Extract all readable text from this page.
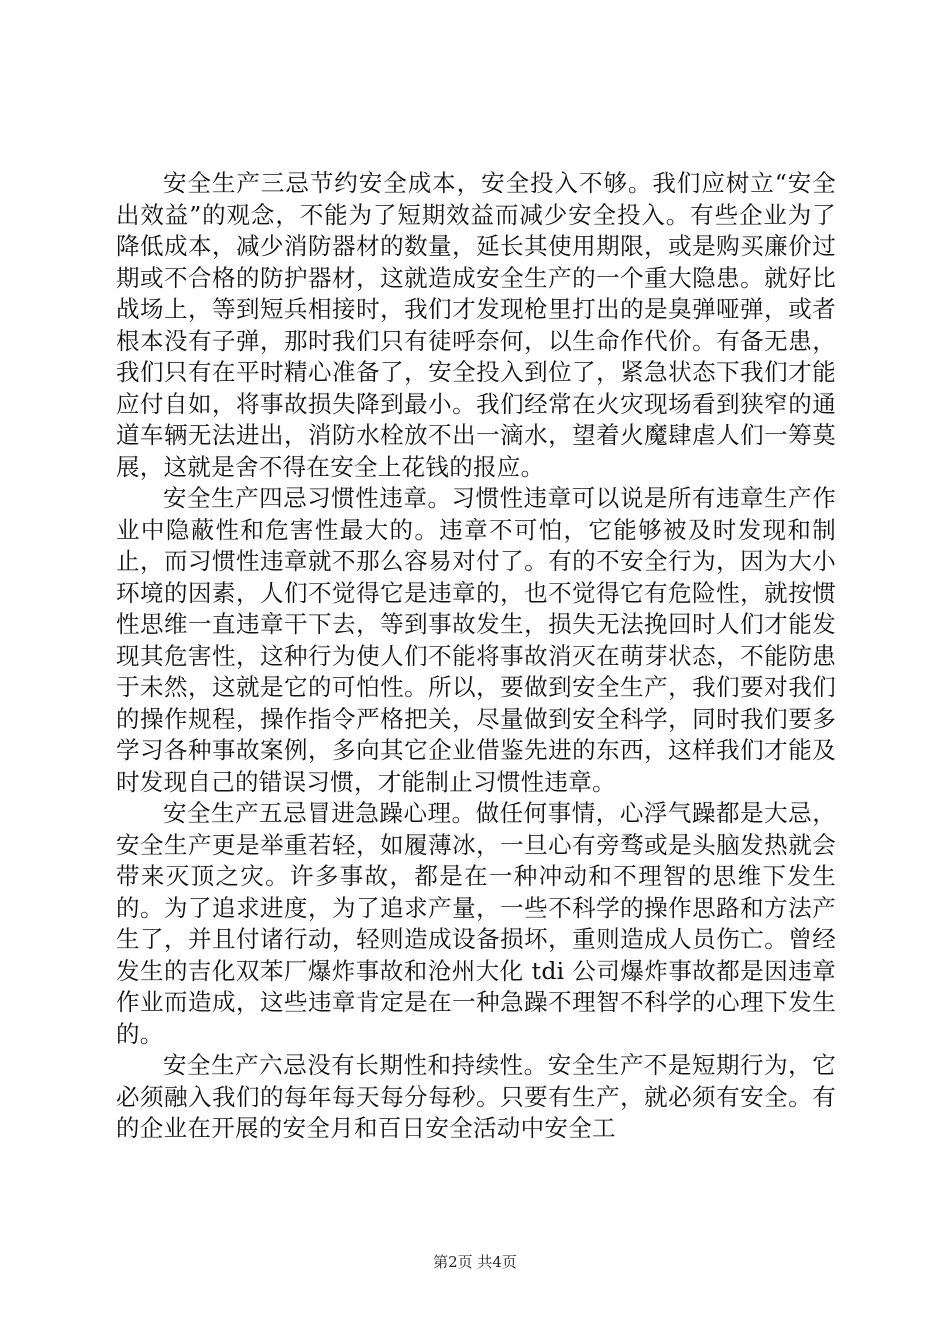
安全生产三忌节约安全成本，安全投入不够。我们应树立“安全出效益”的观念，不能为了短期效益而减少安全投入。有些企业为了降低成本，减少消防器材的数量，延长其使用期限，或是购买廉价过期或不合格的防护器材，这就造成安全生产的一个重大隐患。就好比战场上，等到短兵相接时，我们才发现枪里打出的是臭弹哑弹，或者根本没有子弹，那时我们只有徒呼奈何，以生命作代价。有备无患，我们只有在平时精心准备了，安全投入到位了，紧急状态下我们才能应付自如，将事故损失降到最小。我们经常在火灾现场看到狭窄的通道车辆无法进出，消防水栓放不出一滴水，望着火魔肆虐人们一筹莫展，这就是舍不得在安全上花钱的报应。

安全生产四忌习惯性违章。习惯性违章可以说是所有违章生产作业中隐蔽性和危害性最大的。违章不可怕，它能够被及时发现和制止，而习惯性违章就不那么容易对付了。有的不安全行为，因为大小环境的因素，人们不觉得它是违章的，也不觉得它有危险性，就按惯性思维一直违章干下去，等到事故发生，损失无法挽回时人们才能发现其危害性，这种行为使人们不能将事故消灭在萌芽状态，不能防患于未然，这就是它的可怕性。所以，要做到安全生产，我们要对我们的操作规程，操作指令严格把关，尽量做到安全科学，同时我们要多学习各种事故案例，多向其它企业借鉴先进的东西，这样我们才能及时发现自己的错误习惯，才能制止习惯性违章。

安全生产五忌冒进急躁心理。做任何事情，心浮气躁都是大忌，安全生产更是举重若轻，如履薄冰，一旦心有旁骛或是头脑发热就会带来灭顶之灾。许多事故，都是在一种冲动和不理智的思维下发生的。为了追求进度，为了追求产量，一些不科学的操作思路和方法产生了，并且付诸行动，轻则造成设备损坏，重则造成人员伤亡。曾经发生的吉化双苯厂爆炸事故和沧州大化 tdi 公司爆炸事故都是因违章作业而造成，这些违章肯定是在一种急躁不理智不科学的心理下发生的。

安全生产六忌没有长期性和持续性。安全生产不是短期行为，它必须融入我们的每年每天每分每秒。只要有生产，就必须有安全。有的企业在开展的安全月和百日安全活动中安全工

第2页 共4页
